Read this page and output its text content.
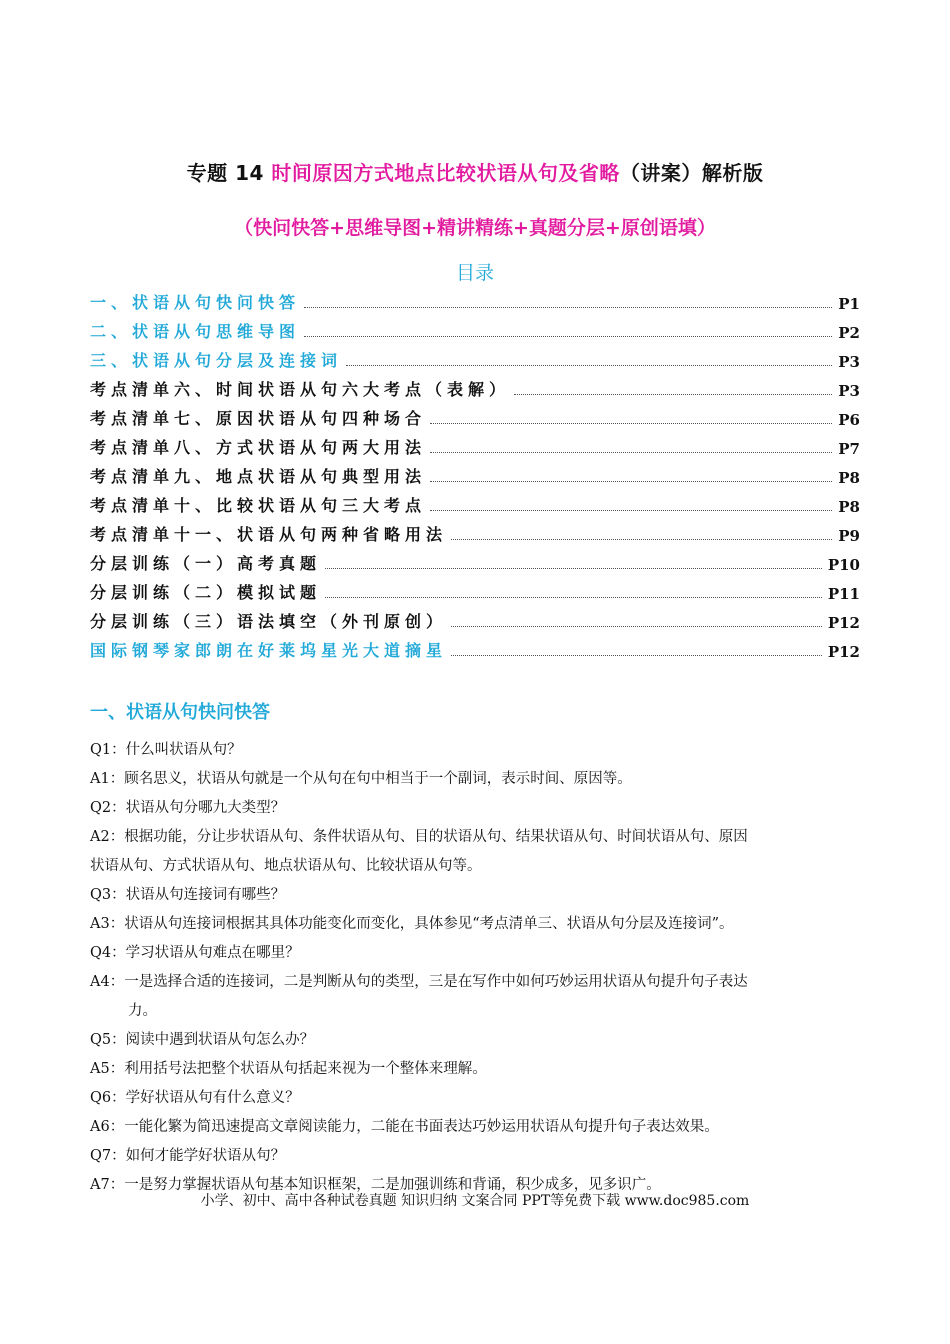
专题 14 时间原因方式地点比较状语从句及省略（讲案）解析版
（快问快答+思维导图+精讲精练+真题分层+原创语填）
目录
一、状语从句快问快答	P1
二、状语从句思维导图	P2
三、状语从句分层及连接词	P3
考点清单六、时间状语从句六大考点（表解）	P3
考点清单七、原因状语从句四种场合	P6
考点清单八、方式状语从句两大用法	P7
考点清单九、地点状语从句典型用法	P8
考点清单十、比较状语从句三大考点	P8
考点清单十一、状语从句两种省略用法	P9
分层训练（一）高考真题	P10
分层训练（二）模拟试题	P11
分层训练（三）语法填空（外刊原创）	P12
国际钢琴家郎朗在好莱坞星光大道摘星	P12
一、状语从句快问快答

Q1：什么叫状语从句？

A1：顾名思义，状语从句就是一个从句在句中相当于一个副词，表示时间、原因等。

Q2：状语从句分哪九大类型？

A2：根据功能，分让步状语从句、条件状语从句、目的状语从句、结果状语从句、时间状语从句、原因

状语从句、方式状语从句、地点状语从句、比较状语从句等。

Q3：状语从句连接词有哪些？

A3：状语从句连接词根据其具体功能变化而变化，具体参见“考点清单三、状语从句分层及连接词”。

Q4：学习状语从句难点在哪里？

A4：一是选择合适的连接词，二是判断从句的类型，三是在写作中如何巧妙运用状语从句提升句子表达

力。

Q5：阅读中遇到状语从句怎么办？

A5：利用括号法把整个状语从句括起来视为一个整体来理解。

Q6：学好状语从句有什么意义？

A6：一能化繁为简迅速提高文章阅读能力，二能在书面表达巧妙运用状语从句提升句子表达效果。

Q7：如何才能学好状语从句？

A7：一是努力掌握状语从句基本知识框架，二是加强训练和背诵，积少成多，见多识广。

小学、初中、高中各种试卷真题 知识归纳 文案合同 PPT等免费下载 www.doc985.com
